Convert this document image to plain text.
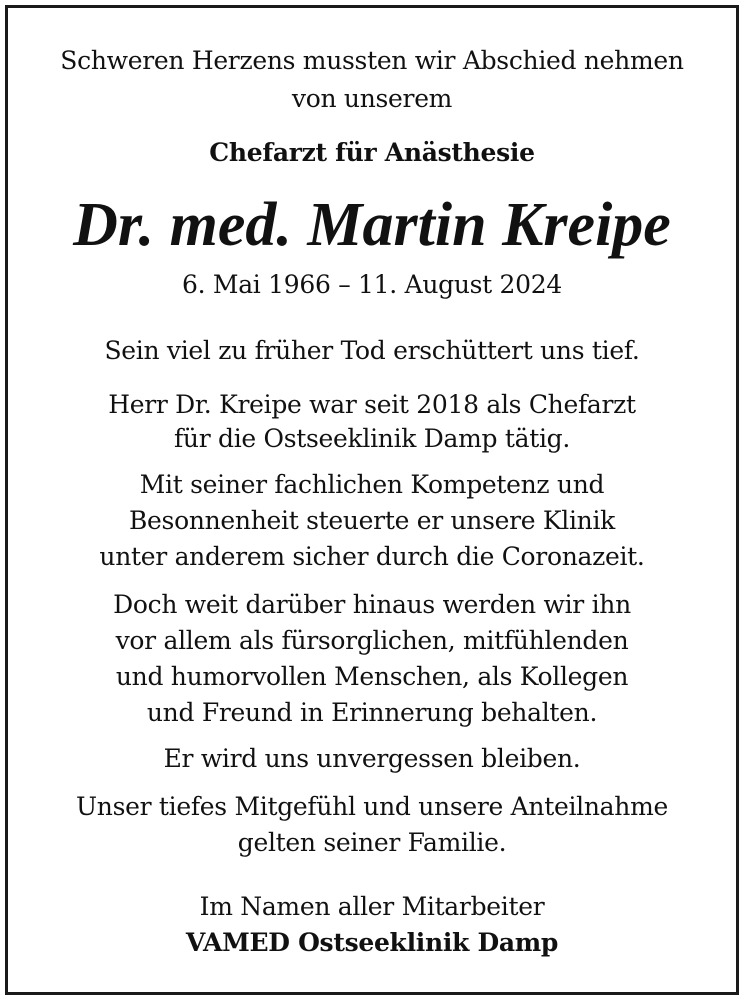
Schweren Herzens mussten wir Abschied nehmen
von unserem
Chefarzt für Anästhesie
Dr. med. Martin Kreipe
6. Mai 1966 – 11. August 2024
Sein viel zu früher Tod erschüttert uns tief.
Herr Dr. Kreipe war seit 2018 als Chefarzt
für die Ostseeklinik Damp tätig.
Mit seiner fachlichen Kompetenz und
Besonnenheit steuerte er unsere Klinik
unter anderem sicher durch die Coronazeit.
Doch weit darüber hinaus werden wir ihn
vor allem als fürsorglichen, mitfühlenden
und humorvollen Menschen, als Kollegen
und Freund in Erinnerung behalten.
Er wird uns unvergessen bleiben.
Unser tiefes Mitgefühl und unsere Anteilnahme
gelten seiner Familie.
Im Namen aller Mitarbeiter
VAMED Ostseeklinik Damp
